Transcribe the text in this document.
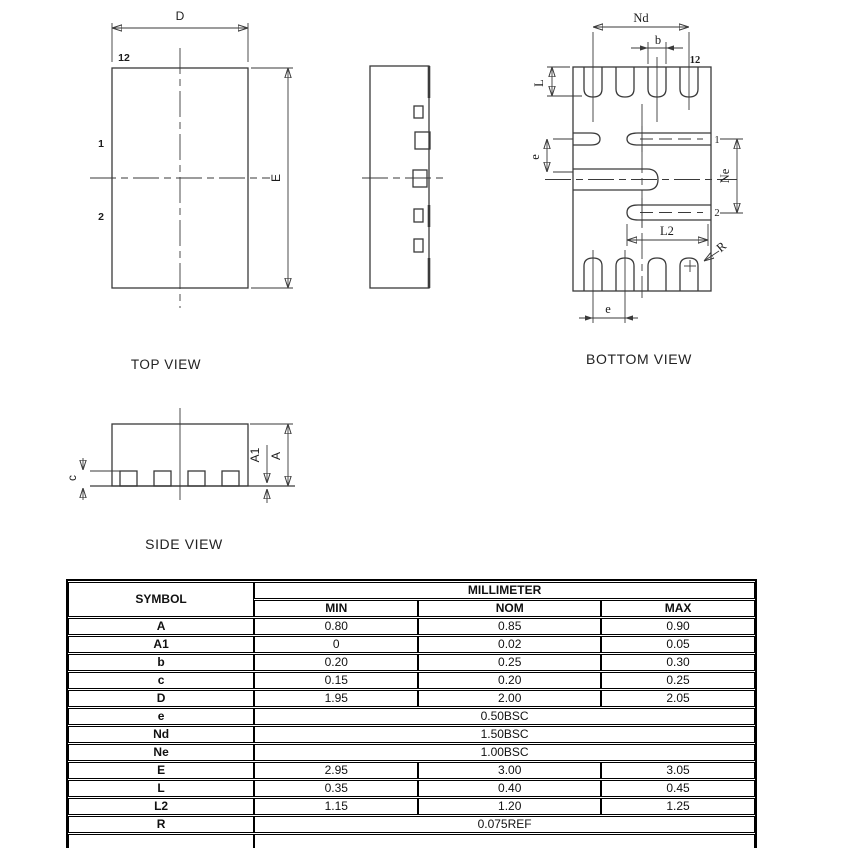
D
E
12
1
2
TOP VIEW
Nd
b
L
e
Ne
L2
R
e
12
1
2
BOTTOM VIEW
A
A1
c
SIDE VIEW
SYMBOL	MILLIMETER		
	MIN	NOM	MAX
A	0.80	0.85	0.90
A1	0	0.02	0.05
b	0.20	0.25	0.30
c	0.15	0.20	0.25
D	1.95	2.00	2.05
e	0.50BSC		
Nd	1.50BSC		
Ne	1.00BSC		
E	2.95	3.00	3.05
L	0.35	0.40	0.45
L2	1.15	1.20	1.25
R	0.075REF		
